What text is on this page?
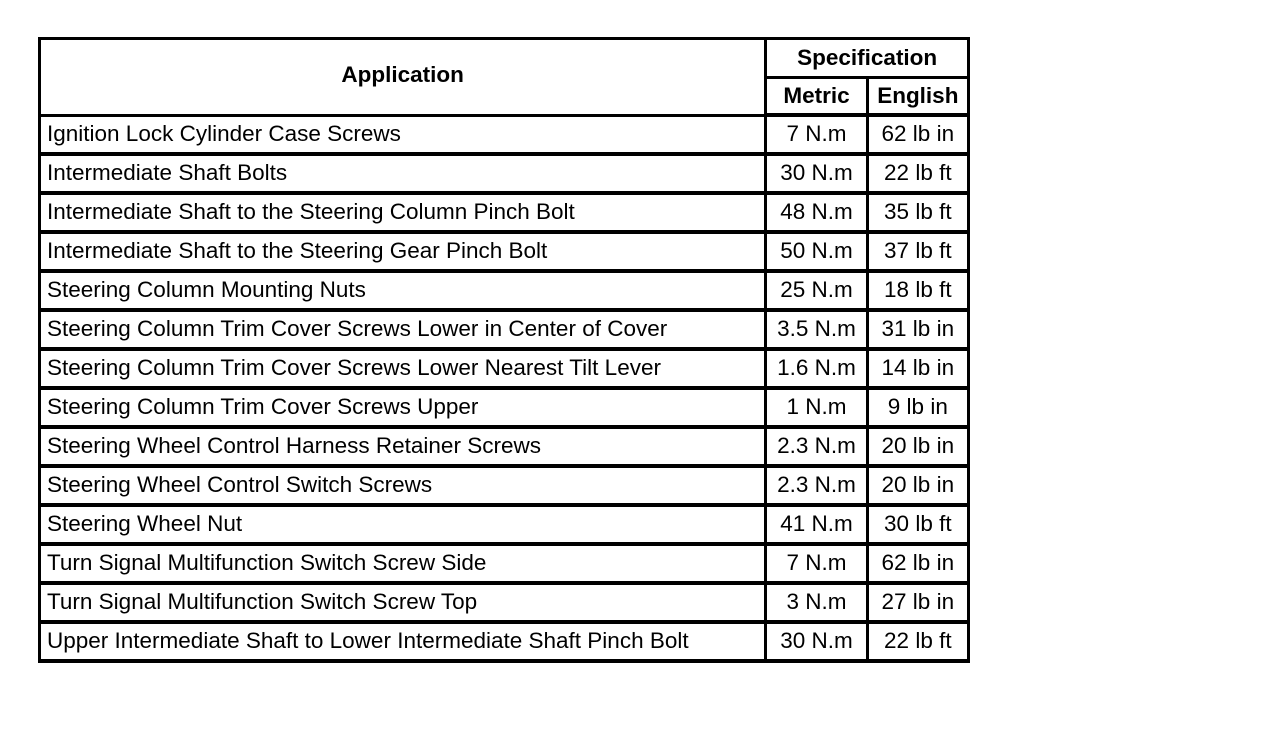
Application	Specification	
	Metric	English
Ignition Lock Cylinder Case Screws	7 N.m	62 lb in
Intermediate Shaft Bolts	30 N.m	22 lb ft
Intermediate Shaft to the Steering Column Pinch Bolt	48 N.m	35 lb ft
Intermediate Shaft to the Steering Gear Pinch Bolt	50 N.m	37 lb ft
Steering Column Mounting Nuts	25 N.m	18 lb ft
Steering Column Trim Cover Screws Lower in Center of Cover	3.5 N.m	31 lb in
Steering Column Trim Cover Screws Lower Nearest Tilt Lever	1.6 N.m	14 lb in
Steering Column Trim Cover Screws Upper	1 N.m	9 lb in
Steering Wheel Control Harness Retainer Screws	2.3 N.m	20 lb in
Steering Wheel Control Switch Screws	2.3 N.m	20 lb in
Steering Wheel Nut	41 N.m	30 lb ft
Turn Signal Multifunction Switch Screw Side	7 N.m	62 lb in
Turn Signal Multifunction Switch Screw Top	3 N.m	27 lb in
Upper Intermediate Shaft to Lower Intermediate Shaft Pinch Bolt	30 N.m	22 lb ft
